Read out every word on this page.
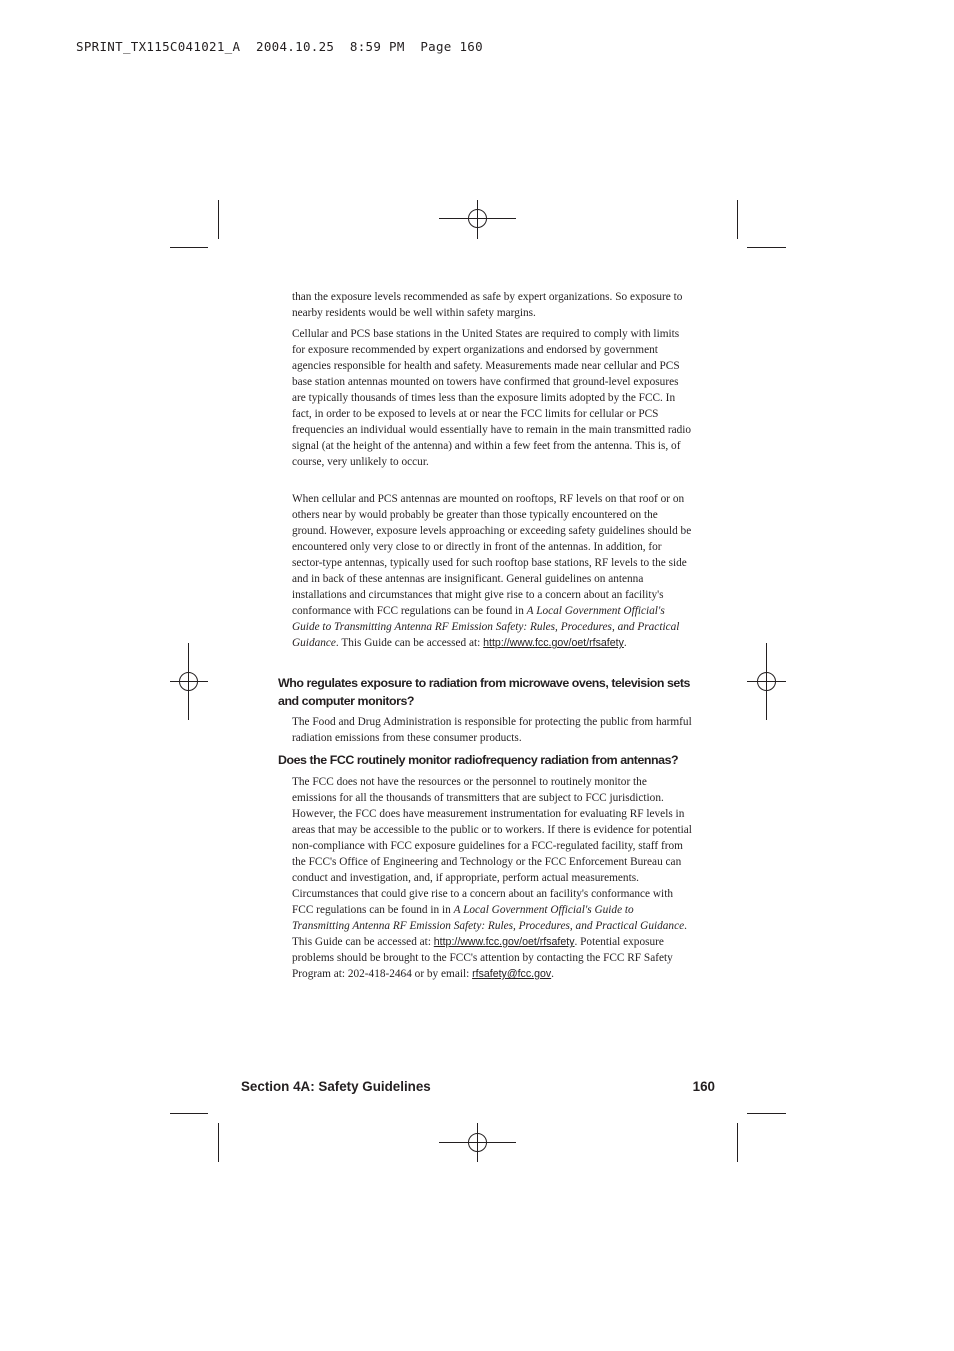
SPRINT_TX115C041021_A  2004.10.25  8:59 PM  Page 160

than the exposure levels recommended as safe by expert organizations. So exposure to nearby residents would be well within safety margins.

Cellular and PCS base stations in the United States are required to comply with limits for exposure recommended by expert organizations and endorsed by government agencies responsible for health and safety. Measurements made near cellular and PCS base station antennas mounted on towers have confirmed that ground-level exposures are typically thousands of times less than the exposure limits adopted by the FCC. In fact, in order to be exposed to levels at or near the FCC limits for cellular or PCS frequencies an individual would essentially have to remain in the main transmitted radio signal (at the height of the antenna) and within a few feet from the antenna. This is, of course, very unlikely to occur.

When cellular and PCS antennas are mounted on rooftops, RF levels on that roof or on others near by would probably be greater than those typically encountered on the ground. However, exposure levels approaching or exceeding safety guidelines should be encountered only very close to or directly in front of the antennas. In addition, for sector-type antennas, typically used for such rooftop base stations, RF levels to the side and in back of these antennas are insignificant. General guidelines on antenna installations and circumstances that might give rise to a concern about an facility's conformance with FCC regulations can be found in A Local Government Official's Guide to Transmitting Antenna RF Emission Safety: Rules, Procedures, and Practical Guidance. This Guide can be accessed at: http://www.fcc.gov/oet/rfsafety.

Who regulates exposure to radiation from microwave ovens, television sets and computer monitors?

The Food and Drug Administration is responsible for protecting the public from harmful radiation emissions from these consumer products.

Does the FCC routinely monitor radiofrequency radiation from antennas?

The FCC does not have the resources or the personnel to routinely monitor the emissions for all the thousands of transmitters that are subject to FCC jurisdiction. However, the FCC does have measurement instrumentation for evaluating RF levels in areas that may be accessible to the public or to workers. If there is evidence for potential non-compliance with FCC exposure guidelines for a FCC-regulated facility, staff from the FCC's Office of Engineering and Technology or the FCC Enforcement Bureau can conduct and investigation, and, if appropriate, perform actual measurements. Circumstances that could give rise to a concern about an facility's conformance with FCC regulations can be found in in A Local Government Official's Guide to Transmitting Antenna RF Emission Safety: Rules, Procedures, and Practical Guidance. This Guide can be accessed at: http://www.fcc.gov/oet/rfsafety. Potential exposure problems should be brought to the FCC's attention by contacting the FCC RF Safety Program at: 202-418-2464 or by email: rfsafety@fcc.gov.

Section 4A: Safety Guidelines	160
